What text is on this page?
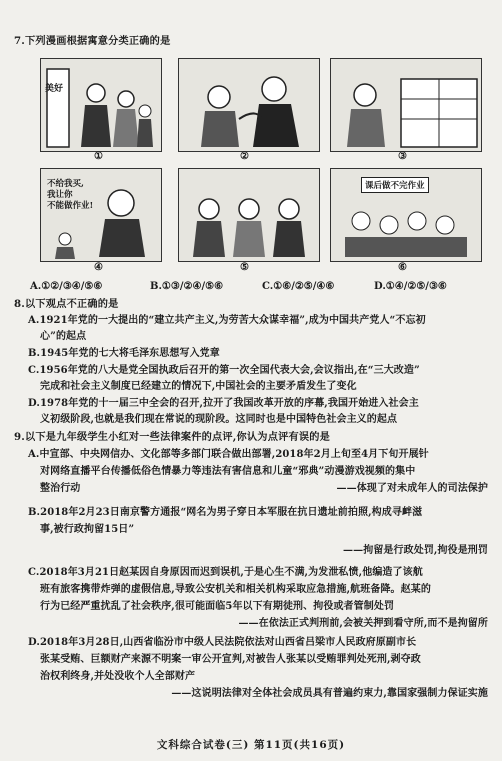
7.下列漫画根据寓意分类正确的是
美好
①	②	③
不给我买,
我让你
不能做作业!
④	⑤
课后做不完作业
⑥
A.①②/③④/⑤⑥	B.①③/②④/⑤⑥	C.①⑥/②⑤/④⑥	D.①④/②⑤/③⑥
8.以下观点不正确的是
A.1921年党的一大提出的“建立共产主义,为劳苦大众谋幸福”,成为中国共产党人“不忘初
心”的起点
B.1945年党的七大将毛泽东思想写入党章
C.1956年党的八大是党全国执政后召开的第一次全国代表大会,会议指出,在“三大改造”
完成和社会主义制度已经建立的情况下,中国社会的主要矛盾发生了变化
D.1978年党的十一届三中全会的召开,拉开了我国改革开放的序幕,我国开始进入社会主
义初级阶段,也就是我们现在常说的现阶段。这同时也是中国特色社会主义的起点
9.以下是九年级学生小红对一些法律案件的点评,你认为点评有误的是
A.中宣部、中央网信办、文化部等多部门联合做出部署,2018年2月上旬至4月下旬开展针
对网络直播平台传播低俗色情暴力等违法有害信息和儿童“邪典”动漫游戏视频的集中
整治行动	——体现了对未成年人的司法保护
B.2018年2月23日南京警方通报“网名为男子穿日本军服在抗日遗址前拍照,构成寻衅滋
事,被行政拘留15日”
——拘留是行政处罚,拘役是刑罚
C.2018年3月21日赵某因自身原因而迟到误机,于是心生不满,为发泄私愤,他编造了该航
班有旅客携带炸弹的虚假信息,导致公安机关和相关机构采取应急措施,航班备降。赵某的
行为已经严重扰乱了社会秩序,很可能面临5年以下有期徒刑、拘役或者管制处罚
——在依法正式判刑前,会被关押到看守所,而不是拘留所
D.2018年3月28日,山西省临汾市中级人民法院依法对山西省吕梁市人民政府原副市长
张某受贿、巨额财产来源不明案一审公开宣判,对被告人张某以受贿罪判处死刑,剥夺政
治权利终身,并处没收个人全部财产
——这说明法律对全体社会成员具有普遍约束力,靠国家强制力保证实施
文科综合试卷(三) 第11页(共16页)
